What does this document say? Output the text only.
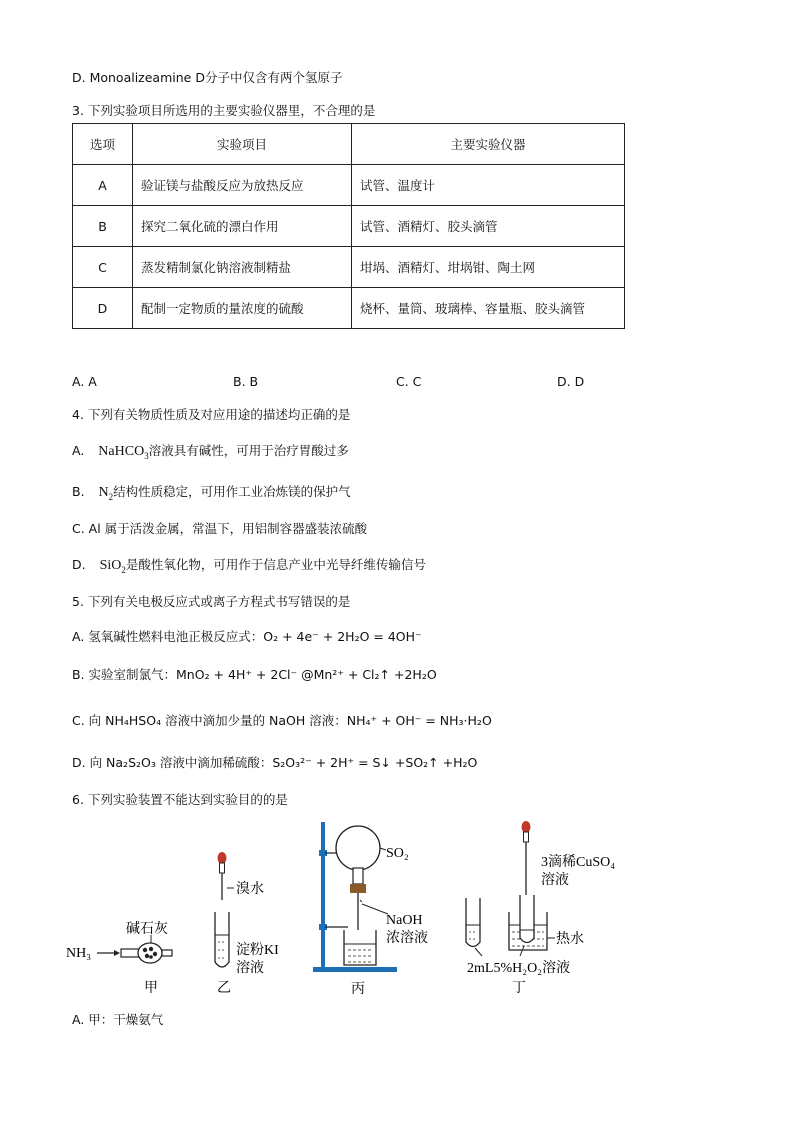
D. Monoalizeamine D分子中仅含有两个氢原子
3. 下列实验项目所选用的主要实验仪器里，不合理的是
选项	实验项目	主要实验仪器
A	验证镁与盐酸反应为放热反应	试管、温度计
B	探究二氧化硫的漂白作用	试管、酒精灯、胶头滴管
C	蒸发精制氯化钠溶液制精盐	坩埚、酒精灯、坩埚钳、陶土网
D	配制一定物质的量浓度的硫酸	烧杯、量筒、玻璃棒、容量瓶、胶头滴管
A. A	B. B	C. C	D. D
4. 下列有关物质性质及对应用途的描述均正确的是
A. NaHCO$_3$溶液具有碱性，可用于治疗胃酸过多
B. $N_2$结构性质稳定，可用作工业冶炼镁的保护气
C. Al 属于活泼金属，常温下，用铝制容器盛装浓硫酸
D. SiO$_2$是酸性氧化物，可用作于信息产业中光导纤维传输信号
5. 下列有关电极反应式或离子方程式书写错误的是
A. 氢氧碱性燃料电池正极反应式：O₂ + 4e⁻ + 2H₂O = 4OH⁻
B. 实验室制氯气：MnO₂ + 4H⁺ + 2Cl⁻ @Mn²⁺ + Cl₂↑ +2H₂O
C. 向 NH₄HSO₄ 溶液中滴加少量的 NaOH 溶液：NH₄⁺ + OH⁻ = NH₃·H₂O
D. 向 Na₂S₂O₃ 溶液中滴加稀硫酸：S₂O₃²⁻ + 2H⁺ = S↓ +SO₂↑ +H₂O
6. 下列实验装置不能达到实验目的的是
NH₃
碱石灰
甲
溴水
淀粉KI
溶液
乙
SO₂
NaOH
浓溶液
丙
3滴稀CuSO₄
溶液
热水
2mL5%H₂O₂溶液
丁
A. 甲：干燥氨气
